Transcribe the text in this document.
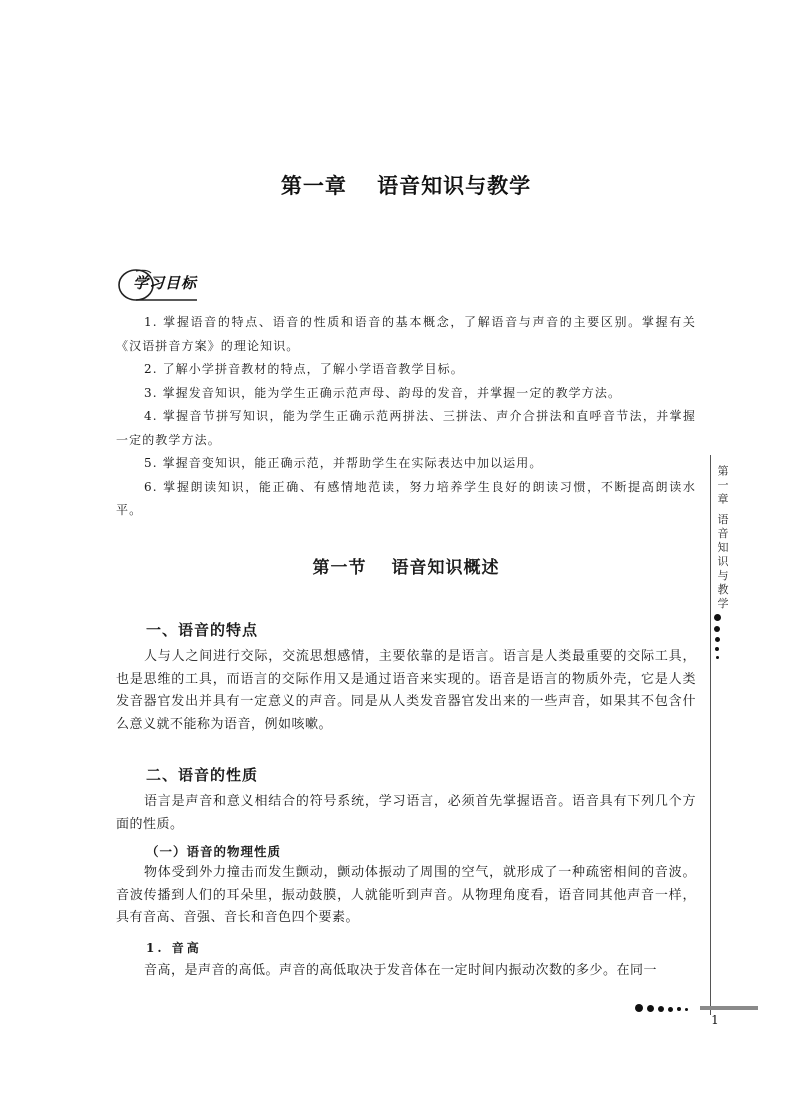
第一章 语音知识与教学
学习目标

1. 掌握语音的特点、语音的性质和语音的基本概念，了解语音与声音的主要区别。掌握有关《汉语拼音方案》的理论知识。

2. 了解小学拼音教材的特点，了解小学语音教学目标。

3. 掌握发音知识，能为学生正确示范声母、韵母的发音，并掌握一定的教学方法。

4. 掌握音节拼写知识，能为学生正确示范两拼法、三拼法、声介合拼法和直呼音节法，并掌握一定的教学方法。

5. 掌握音变知识，能正确示范，并帮助学生在实际表达中加以运用。

6. 掌握朗读知识，能正确、有感情地范读，努力培养学生良好的朗读习惯，不断提高朗读水平。

第一节 语音知识概述
一、语音的特点

人与人之间进行交际，交流思想感情，主要依靠的是语言。语言是人类最重要的交际工具，也是思维的工具，而语言的交际作用又是通过语音来实现的。语音是语言的物质外壳，它是人类发音器官发出并具有一定意义的声音。同是从人类发音器官发出来的一些声音，如果其不包含什么意义就不能称为语音，例如咳嗽。

二、语音的性质

语言是声音和意义相结合的符号系统，学习语言，必须首先掌握语音。语音具有下列几个方面的性质。

（一）语音的物理性质

物体受到外力撞击而发生颤动，颤动体振动了周围的空气，就形成了一种疏密相间的音波。音波传播到人们的耳朵里，振动鼓膜，人就能听到声音。从物理角度看，语音同其他声音一样，具有音高、音强、音长和音色四个要素。

1. 音高

音高，是声音的高低。声音的高低取决于发音体在一定时间内振动次数的多少。在同一

第一章 语音知识与教学
1
